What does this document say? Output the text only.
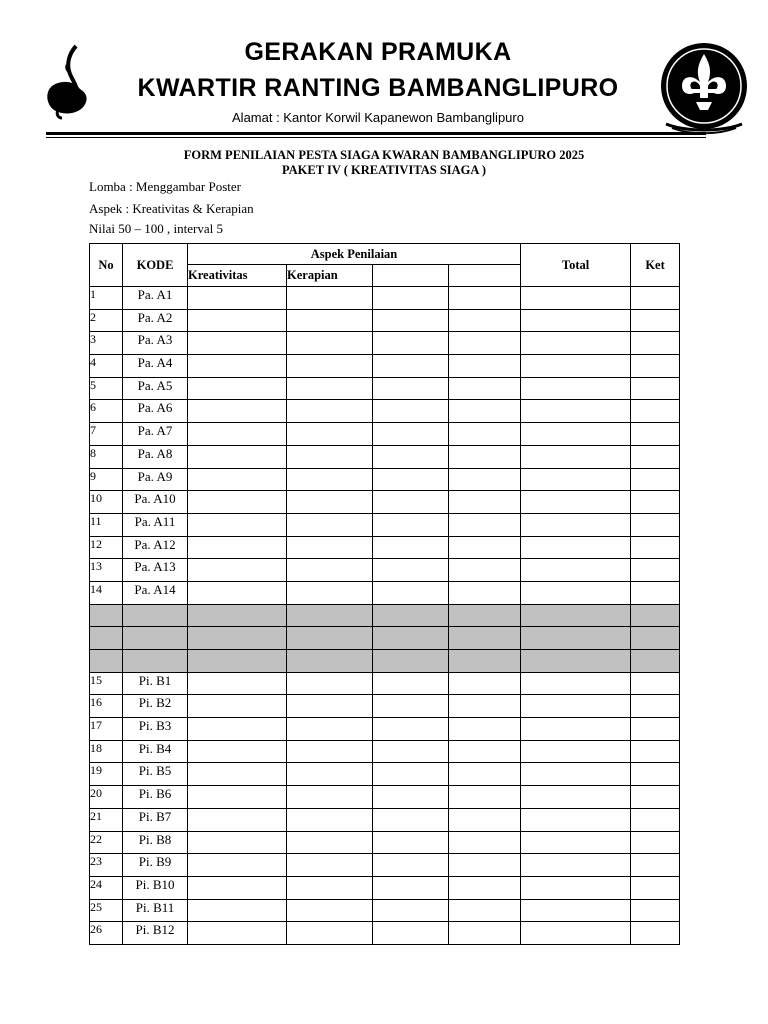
GERAKAN PRAMUKA
KWARTIR RANTING BAMBANGLIPURO
Alamat : Kantor Korwil Kapanewon Bambanglipuro
FORM PENILAIAN PESTA SIAGA KWARAN BAMBANGLIPURO 2025
PAKET IV ( KREATIVITAS SIAGA )
Lomba : Menggambar Poster
Aspek : Kreativitas & Kerapian
Nilai 50 – 100 , interval 5
No	KODE	Aspek Penilaian				Total	Ket
		Kreativitas	Kerapian				
1	Pa. A1						
2	Pa. A2						
3	Pa. A3						
4	Pa. A4						
5	Pa. A5						
6	Pa. A6						
7	Pa. A7						
8	Pa. A8						
9	Pa. A9						
10	Pa. A10						
11	Pa. A11						
12	Pa. A12						
13	Pa. A13						
14	Pa. A14						

15	Pi. B1						
16	Pi. B2						
17	Pi. B3						
18	Pi. B4						
19	Pi. B5						
20	Pi. B6						
21	Pi. B7						
22	Pi. B8						
23	Pi. B9						
24	Pi. B10						
25	Pi. B11						
26	Pi. B12						
